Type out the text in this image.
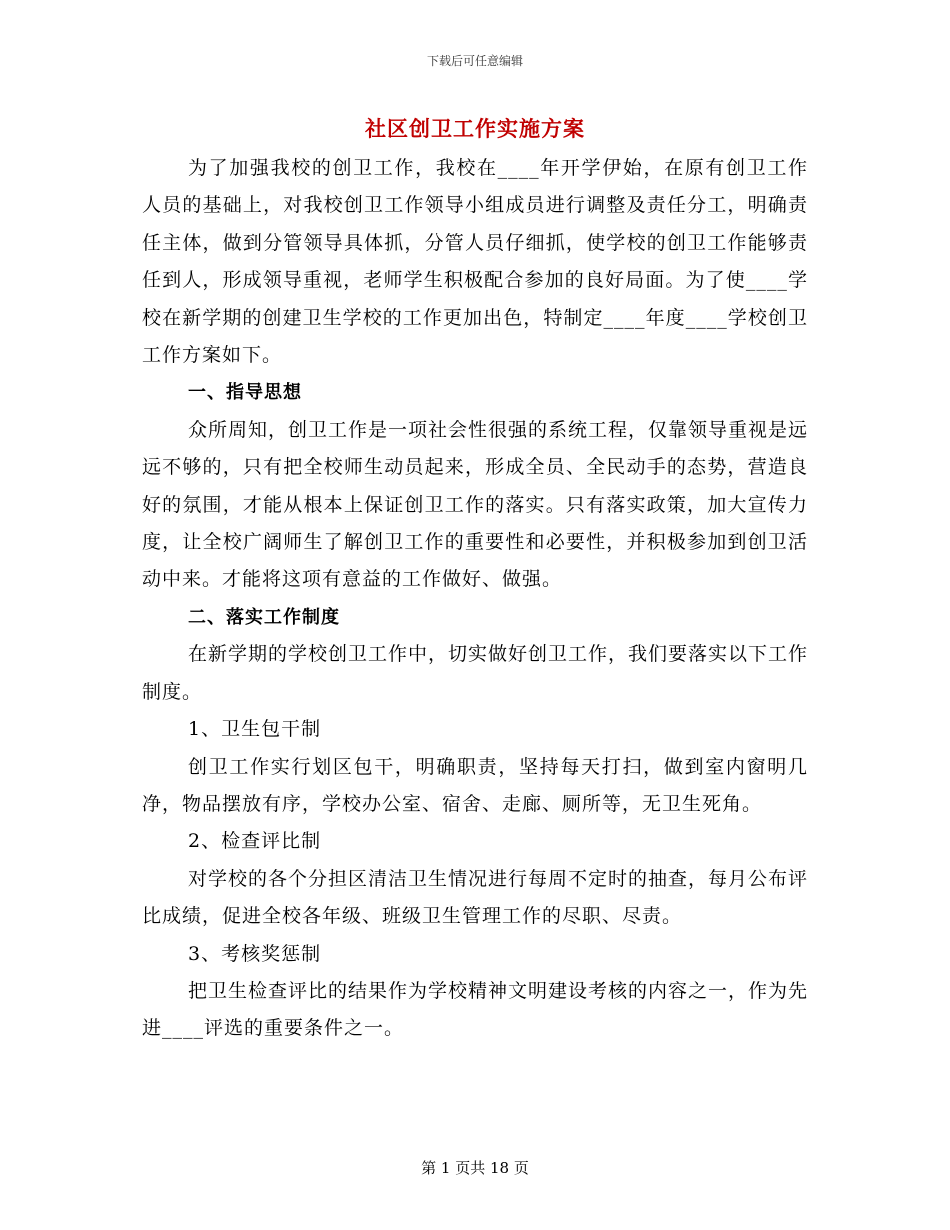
下载后可任意编辑
社区创卫工作实施方案

为了加强我校的创卫工作，我校在____年开学伊始，在原有创卫工作人员的基础上，对我校创卫工作领导小组成员进行调整及责任分工，明确责任主体，做到分管领导具体抓，分管人员仔细抓，使学校的创卫工作能够责任到人，形成领导重视，老师学生积极配合参加的良好局面。为了使____学校在新学期的创建卫生学校的工作更加出色，特制定____年度____学校创卫工作方案如下。

一、指导思想

众所周知，创卫工作是一项社会性很强的系统工程，仅靠领导重视是远远不够的，只有把全校师生动员起来，形成全员、全民动手的态势，营造良好的氛围，才能从根本上保证创卫工作的落实。只有落实政策，加大宣传力度，让全校广阔师生了解创卫工作的重要性和必要性，并积极参加到创卫活动中来。才能将这项有意益的工作做好、做强。

二、落实工作制度

在新学期的学校创卫工作中，切实做好创卫工作，我们要落实以下工作制度。

1、卫生包干制

创卫工作实行划区包干，明确职责，坚持每天打扫，做到室内窗明几净，物品摆放有序，学校办公室、宿舍、走廊、厕所等，无卫生死角。

2、检查评比制

对学校的各个分担区清洁卫生情况进行每周不定时的抽查，每月公布评比成绩，促进全校各年级、班级卫生管理工作的尽职、尽责。

3、考核奖惩制

把卫生检查评比的结果作为学校精神文明建设考核的内容之一，作为先进____评选的重要条件之一。

第 1 页共 18 页
